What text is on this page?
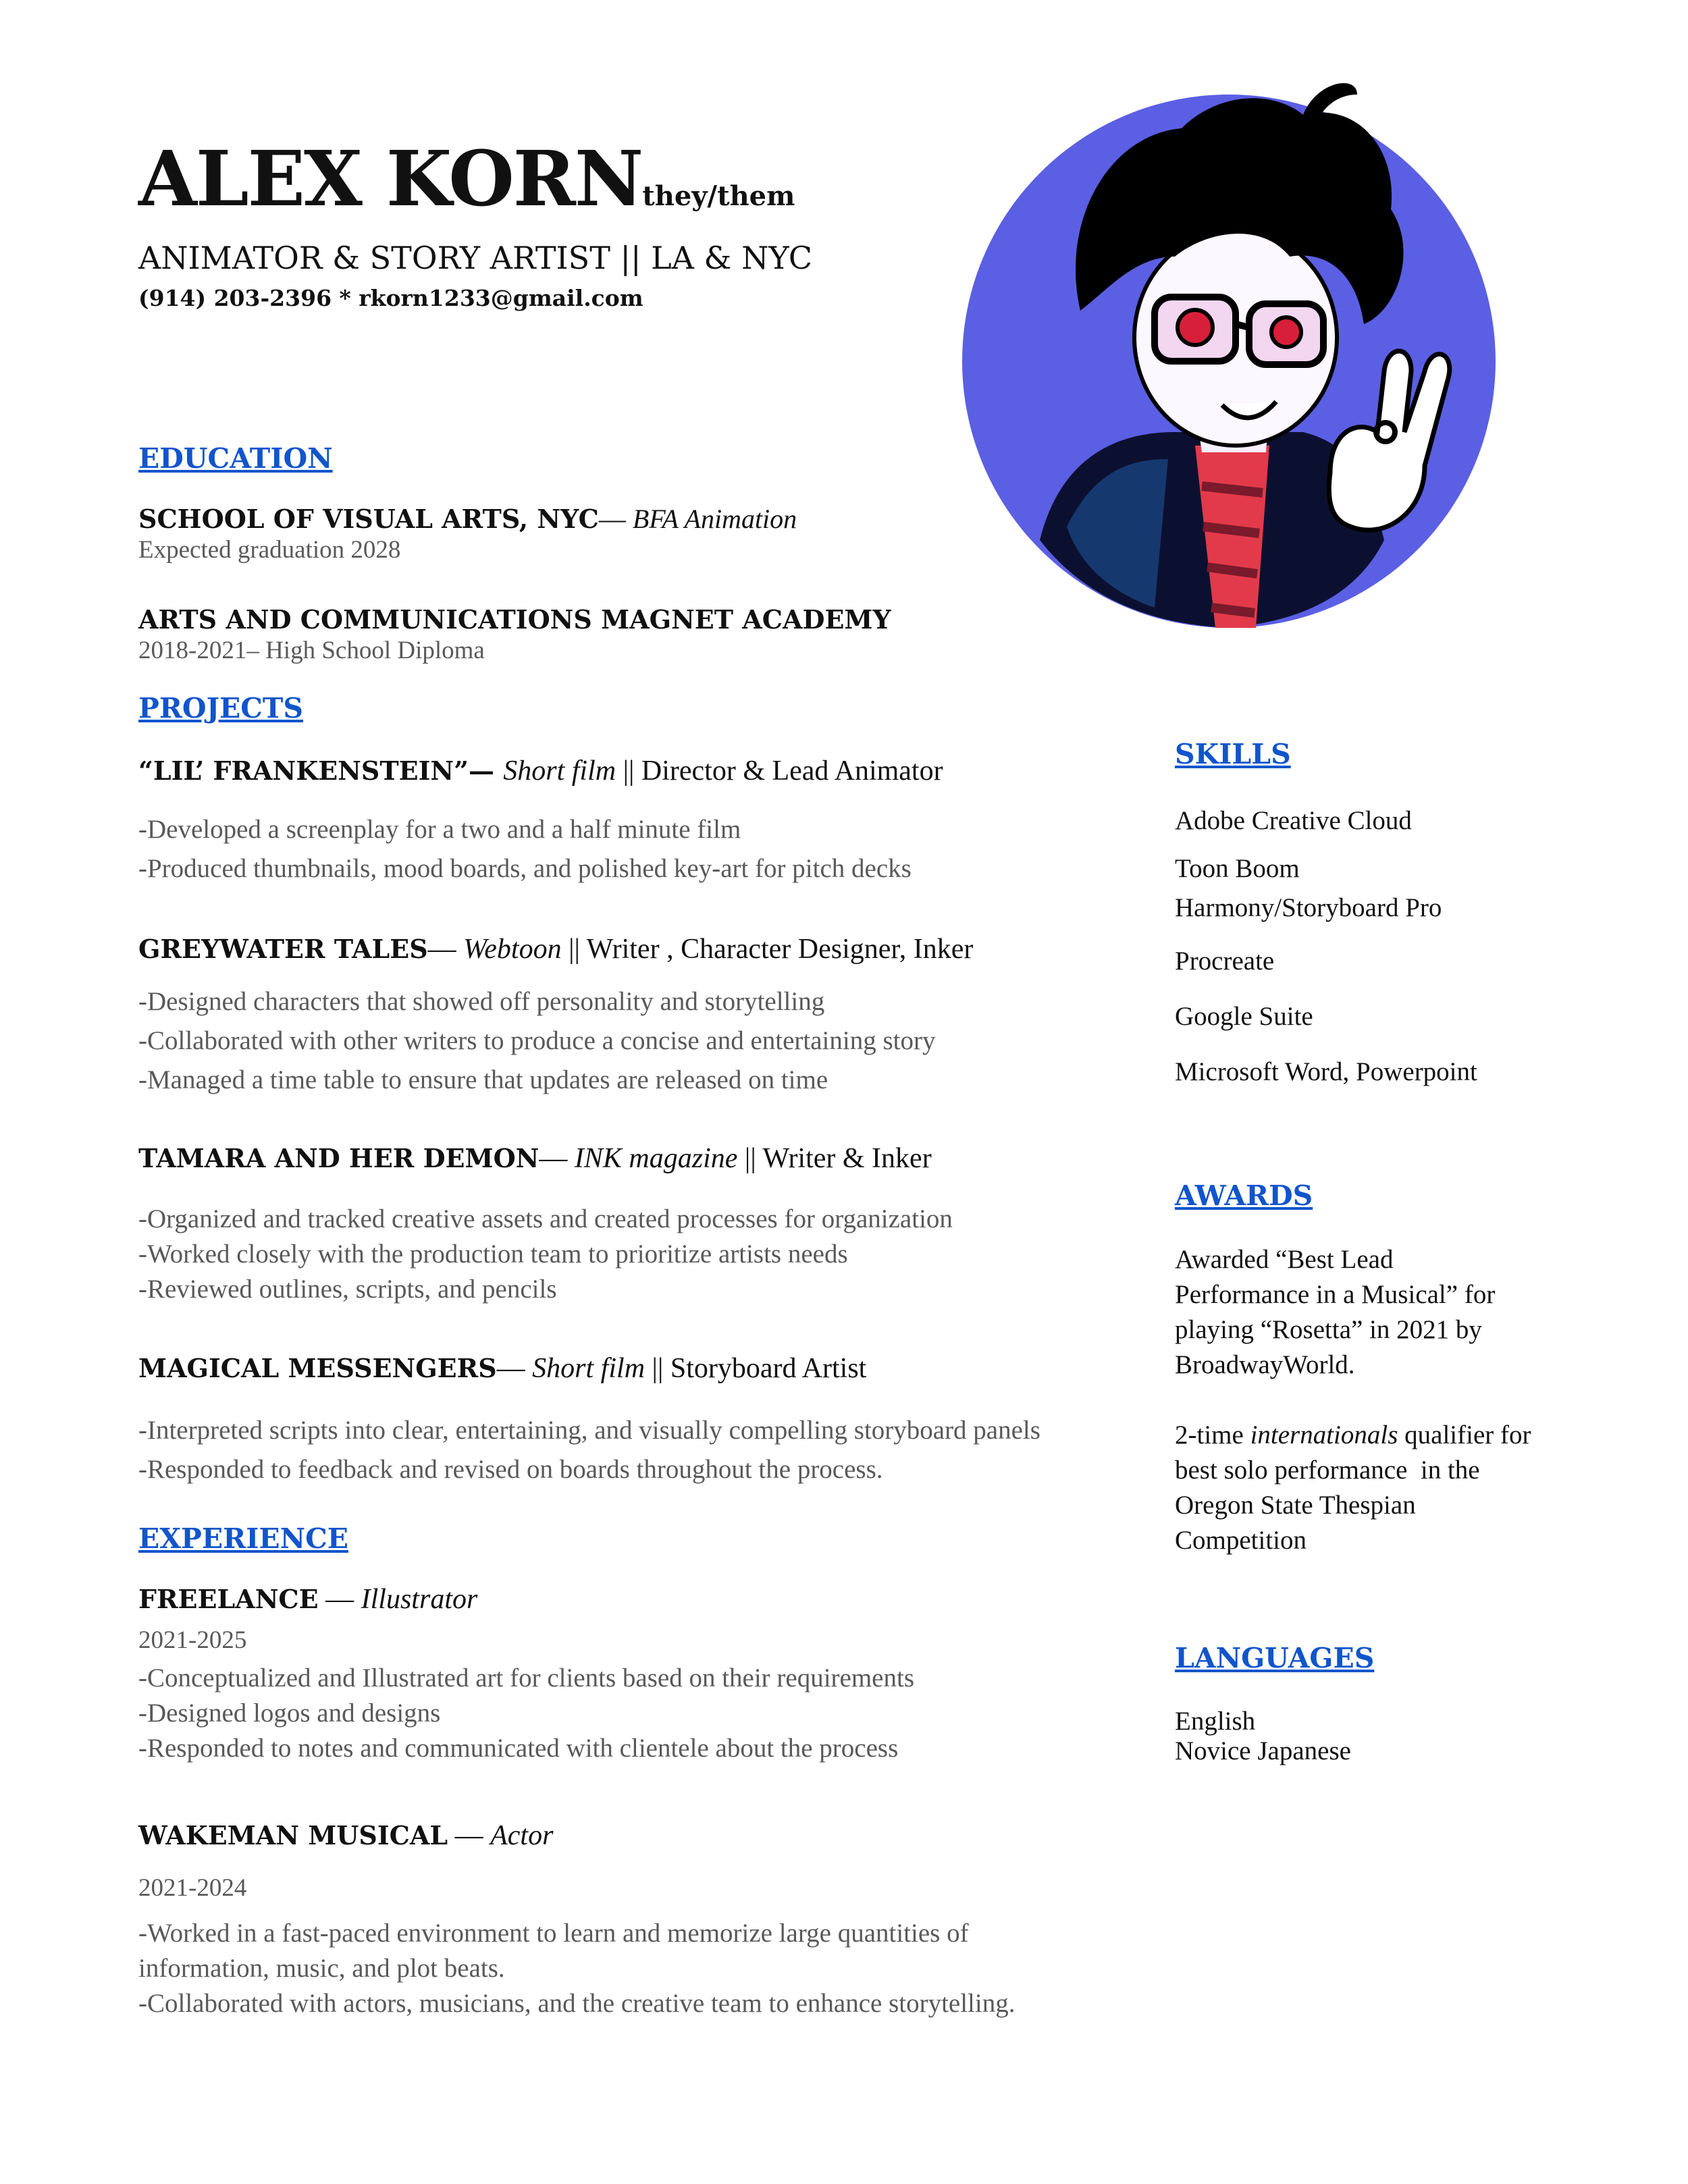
ALEX KORNthey/them
ANIMATOR & STORY ARTIST || LA & NYC
(914) 203-2396 * rkorn1233@gmail.com
EDUCATION
SCHOOL OF VISUAL ARTS, NYC— BFA Animation
Expected graduation 2028
ARTS AND COMMUNICATIONS MAGNET ACADEMY
2018-2021– High School Diploma
PROJECTS
“LIL’ FRANKENSTEIN”— Short film || Director & Lead Animator
-Developed a screenplay for a two and a half minute film
-Produced thumbnails, mood boards, and polished key-art for pitch decks
GREYWATER TALES— Webtoon || Writer , Character Designer, Inker
-Designed characters that showed off personality and storytelling
-Collaborated with other writers to produce a concise and entertaining story
-Managed a time table to ensure that updates are released on time
TAMARA AND HER DEMON— INK magazine || Writer & Inker
-Organized and tracked creative assets and created processes for organization
-Worked closely with the production team to prioritize artists needs
-Reviewed outlines, scripts, and pencils
MAGICAL MESSENGERS— Short film || Storyboard Artist
-Interpreted scripts into clear, entertaining, and visually compelling storyboard panels
-Responded to feedback and revised on boards throughout the process.
EXPERIENCE
FREELANCE — Illustrator
2021-2025
-Conceptualized and Illustrated art for clients based on their requirements
-Designed logos and designs
-Responded to notes and communicated with clientele about the process
WAKEMAN MUSICAL — Actor
2021-2024
-Worked in a fast-paced environment to learn and memorize large quantities of
information, music, and plot beats.
-Collaborated with actors, musicians, and the creative team to enhance storytelling.
SKILLS
Adobe Creative Cloud
Toon Boom
Harmony/Storyboard Pro
Procreate
Google Suite
Microsoft Word, Powerpoint
AWARDS
Awarded “Best Lead
Performance in a Musical” for
playing “Rosetta” in 2021 by
BroadwayWorld.
2-time internationals qualifier for
best solo performance  in the
Oregon State Thespian
Competition
LANGUAGES
English
Novice Japanese
